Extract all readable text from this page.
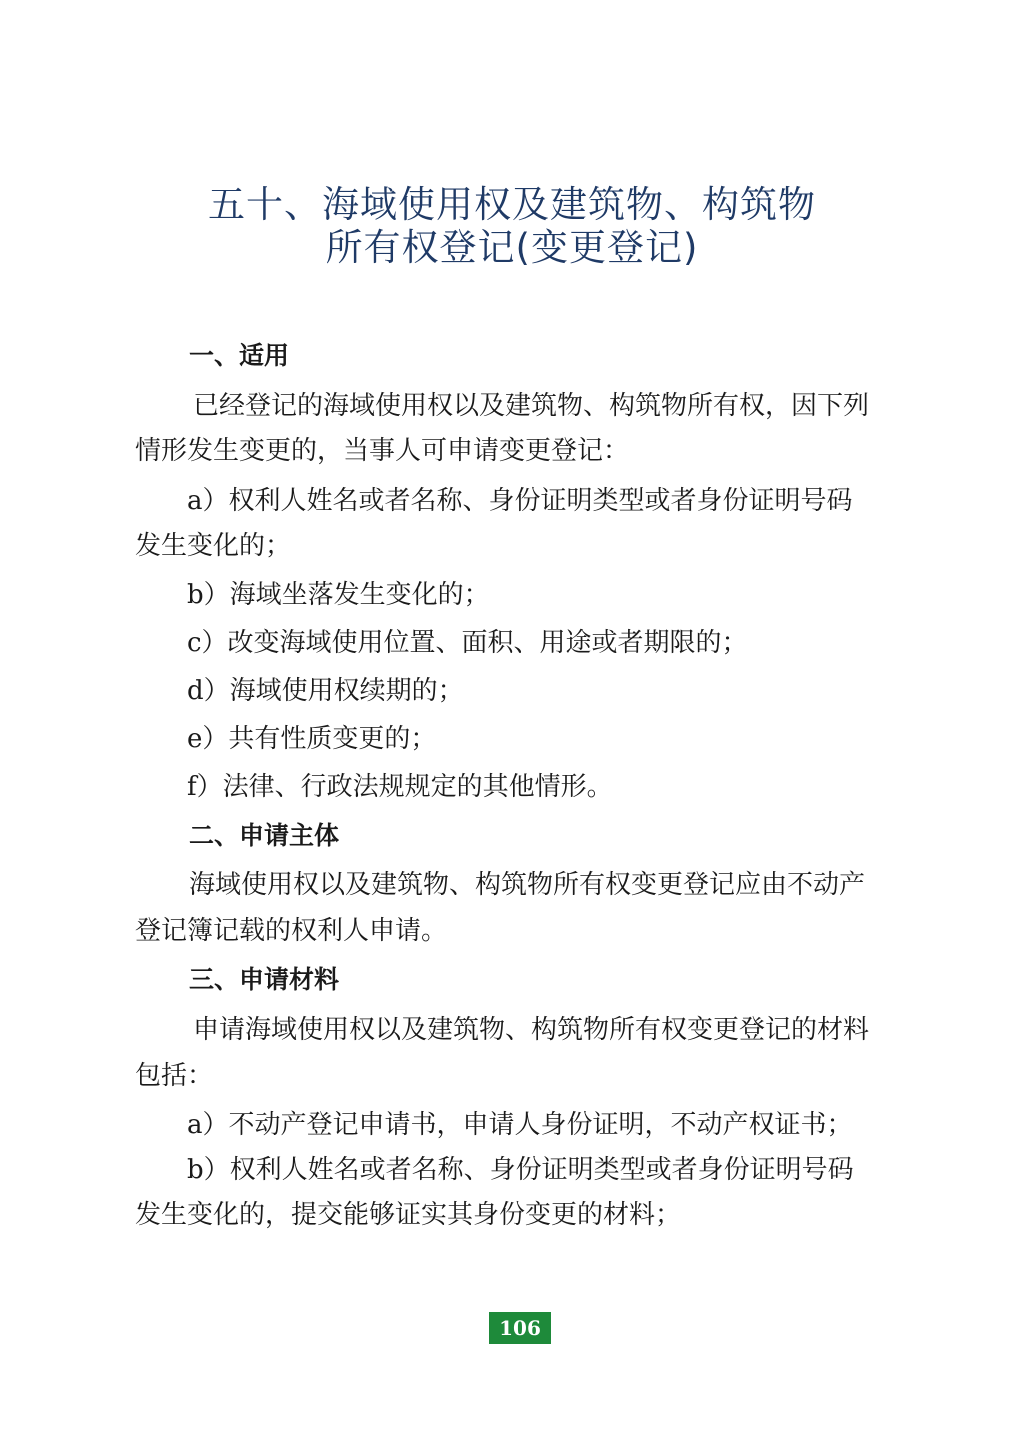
五十、海域使用权及建筑物、构筑物
所有权登记(变更登记)
一、适用
已经登记的海域使用权以及建筑物、构筑物所有权，因下列
情形发生变更的，当事人可申请变更登记：
a）权利人姓名或者名称、身份证明类型或者身份证明号码
发生变化的；
b）海域坐落发生变化的；
c）改变海域使用位置、面积、用途或者期限的；
d）海域使用权续期的；
e）共有性质变更的；
f）法律、行政法规规定的其他情形。
二、申请主体
海域使用权以及建筑物、构筑物所有权变更登记应由不动产
登记簿记载的权利人申请。
三、申请材料
申请海域使用权以及建筑物、构筑物所有权变更登记的材料
包括：
a）不动产登记申请书，申请人身份证明，不动产权证书；
b）权利人姓名或者名称、身份证明类型或者身份证明号码
发生变化的，提交能够证实其身份变更的材料；
106
